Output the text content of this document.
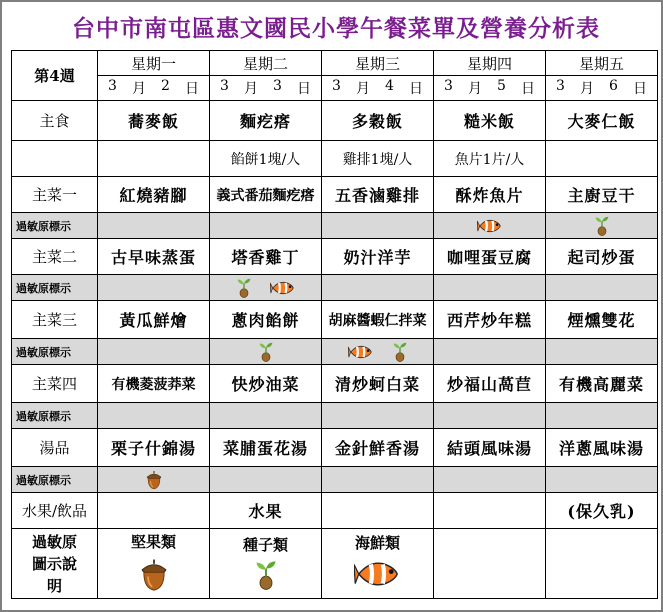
台中市南屯區惠文國民小學午餐菜單及營養分析表
第4週	星期一	星期二	星期三	星期四	星期五

	3 月 2 日	3 月 3 日	3 月 4 日	3 月 5 日	3 月 6 日

主食	蕎麥飯	麵疙瘩	多穀飯	糙米飯	大麥仁飯
		餡餅1塊/人	雞排1塊/人	魚片1片/人	
主菜一	紅燒豬腳	義式番茄麵疙瘩	五香滷雞排	酥炸魚片	主廚豆干
過敏原標示	

主菜二	古早味蒸蛋	塔香雞丁	奶汁洋芋	咖哩蛋豆腐	起司炒蛋
過敏原標示	

主菜三	黃瓜鮮燴	蔥肉餡餅	胡麻醬蝦仁拌菜	西芹炒年糕	煙燻雙花
過敏原標示	

主菜四	有機菱菠莽菜	快炒油菜	清炒蚵白菜	炒福山萵苣	有機高麗菜
過敏原標示	

湯品	栗子什錦湯	菜脯蛋花湯	金針鮮香湯	結頭風味湯	洋蔥風味湯
過敏原標示	

水果/飲品		水果			(保久乳)

過敏原
圖示說
明	堅果類	種子類	海鮮類		
